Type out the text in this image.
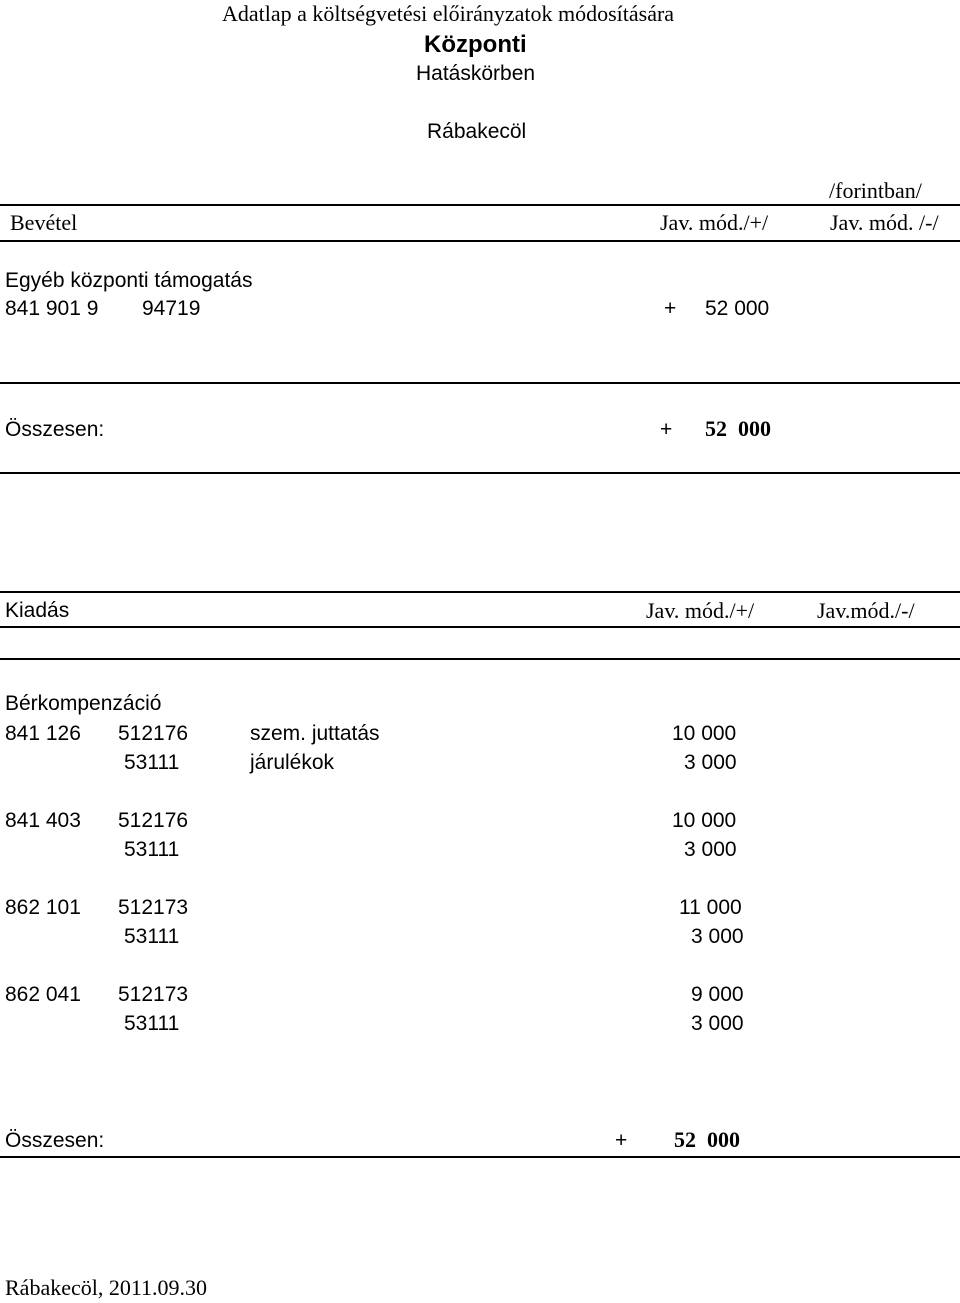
Adatlap a költségvetési előirányzatok módosítására
Központi
Hatáskörben
Rábakecöl
/forintban/
Bevétel	Jav. mód./+/	Jav. mód. /-/
Egyéb központi támogatás
841 901 9 94719	+ 52 000
Összesen:	+ 52  000
Kiadás	Jav. mód./+/	Jav.mód./-/
Bérkompenzáció
841 126 512176	szem. juttatás	10 000
53111	járulékok	3 000
841 403 512176	10 000
53111	3 000
862 101 512173	11 000
53111	3 000
862 041 512173	9 000
53111	3 000
Összesen:	+ 52  000
Rábakecöl, 2011.09.30
